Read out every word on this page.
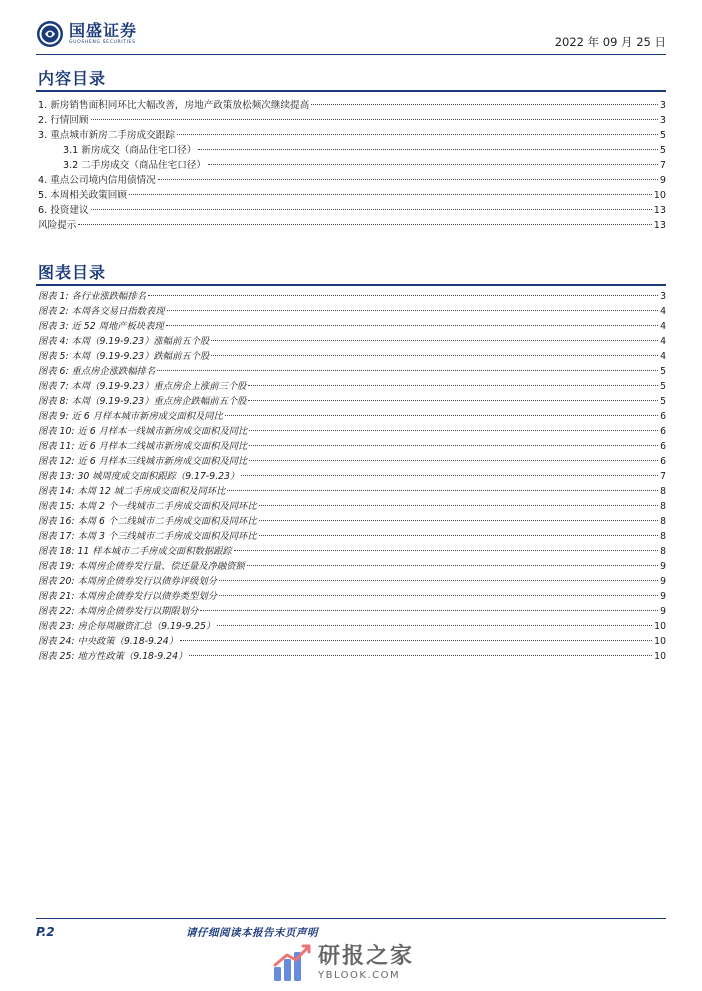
国盛证券
GUOSHENG SECURITIES	2022 年 09 月 25 日
内容目录
1. 新房销售面积同环比大幅改善，房地产政策放松频次继续提高	3
2. 行情回顾	3
3. 重点城市新房二手房成交跟踪	5
3.1 新房成交（商品住宅口径）	5
3.2 二手房成交（商品住宅口径）	7
4. 重点公司境内信用债情况	9
5. 本周相关政策回顾	10
6. 投资建议	13
风险提示	13
图表目录
图表 1: 各行业涨跌幅排名	3
图表 2: 本周各交易日指数表现	4
图表 3: 近 52 周地产板块表现	4
图表 4: 本周（9.19-9.23）涨幅前五个股	4
图表 5: 本周（9.19-9.23）跌幅前五个股	4
图表 6: 重点房企涨跌幅排名	5
图表 7: 本周（9.19-9.23）重点房企上涨前三个股	5
图表 8: 本周（9.19-9.23）重点房企跌幅前五个股	5
图表 9: 近 6 月样本城市新房成交面积及同比	6
图表 10: 近 6 月样本一线城市新房成交面积及同比	6
图表 11: 近 6 月样本二线城市新房成交面积及同比	6
图表 12: 近 6 月样本三线城市新房成交面积及同比	6
图表 13: 30 城周度成交面积跟踪（9.17-9.23）	7
图表 14: 本周 12 城二手房成交面积及同环比	8
图表 15: 本周 2 个一线城市二手房成交面积及同环比	8
图表 16: 本周 6 个二线城市二手房成交面积及同环比	8
图表 17: 本周 3 个三线城市二手房成交面积及同环比	8
图表 18: 11 样本城市二手房成交面积数据跟踪	8
图表 19: 本周房企债券发行量、偿还量及净融资额	9
图表 20: 本周房企债券发行以债券评级划分	9
图表 21: 本周房企债券发行以债券类型划分	9
图表 22: 本周房企债券发行以期限划分	9
图表 23: 房企每周融资汇总（9.19-9.25）	10
图表 24: 中央政策（9.18-9.24）	10
图表 25: 地方性政策（9.18-9.24）	10
P.2	请仔细阅读本报告末页声明
研报之家
YBLOOK.COM
